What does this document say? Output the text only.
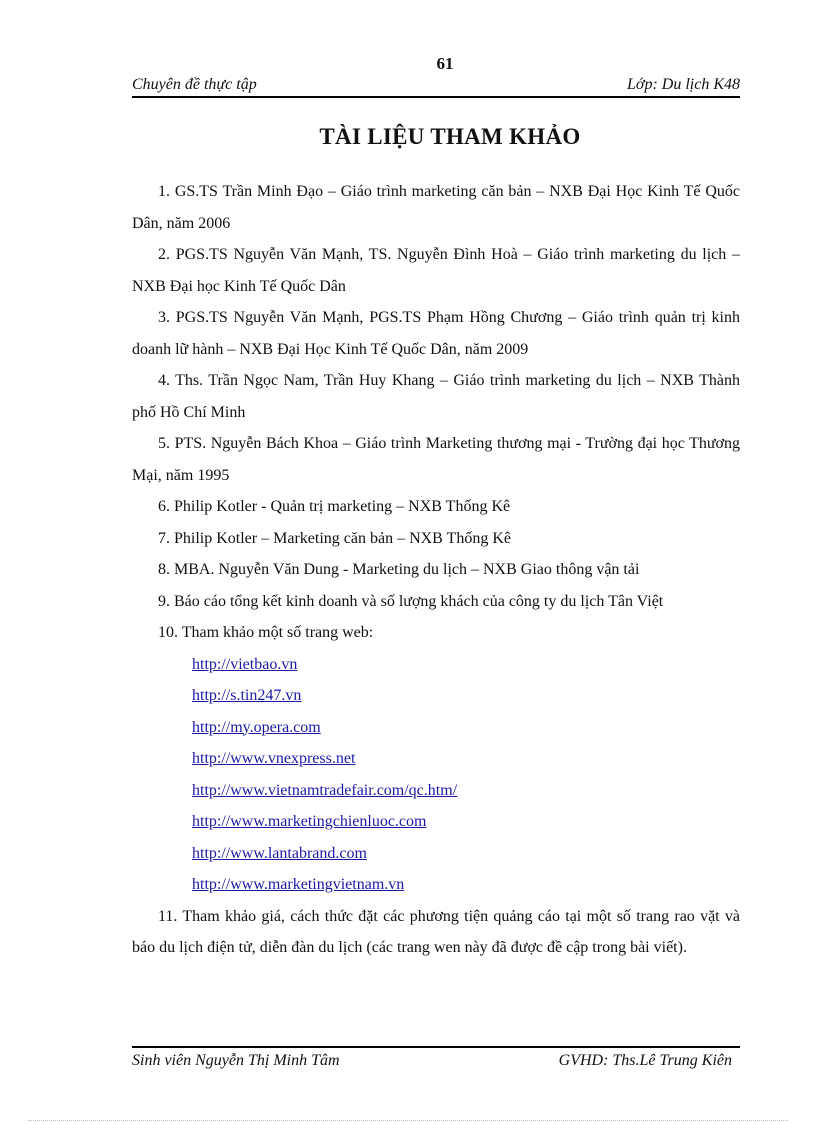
61
Chuyên đề thực tập	Lớp: Du lịch K48
TÀI LIỆU THAM KHẢO

1. GS.TS Trần Minh Đạo – Giáo trình marketing căn bản – NXB Đại Học Kinh Tế Quốc Dân, năm 2006

2. PGS.TS Nguyễn Văn Mạnh, TS. Nguyễn Đình Hoà – Giáo trình marketing du lịch – NXB Đại học Kinh Tế Quốc Dân

3. PGS.TS Nguyễn Văn Mạnh, PGS.TS Phạm Hồng Chương – Giáo trình quản trị kinh doanh lữ hành – NXB Đại Học Kinh Tế Quốc Dân, năm 2009

4. Ths. Trần Ngọc Nam, Trần Huy Khang – Giáo trình marketing du lịch – NXB Thành phố Hồ Chí Minh

5. PTS. Nguyễn Bách Khoa – Giáo trình Marketing thương mại - Trường đại học Thương Mại, năm 1995

6. Philip Kotler - Quản trị marketing – NXB Thống Kê

7. Philip Kotler – Marketing căn bản – NXB Thống Kê

8. MBA. Nguyễn Văn Dung - Marketing du lịch – NXB Giao thông vận tải

9. Báo cáo tổng kết kinh doanh và số lượng khách của công ty du lịch Tân Việt

10. Tham khảo một số trang web:

http://vietbao.vn
http://s.tin247.vn
http://my.opera.com
http://www.vnexpress.net
http://www.vietnamtradefair.com/qc.htm/
http://www.marketingchienluoc.com
http://www.lantabrand.com
http://www.marketingvietnam.vn

11. Tham khảo giá, cách thức đặt các phương tiện quảng cáo tại một số trang rao vặt và báo du lịch điện tử, diễn đàn du lịch (các trang wen này đã được đề cập trong bài viết).

Sinh viên Nguyễn Thị Minh Tâm	GVHD: Ths.Lê Trung Kiên
